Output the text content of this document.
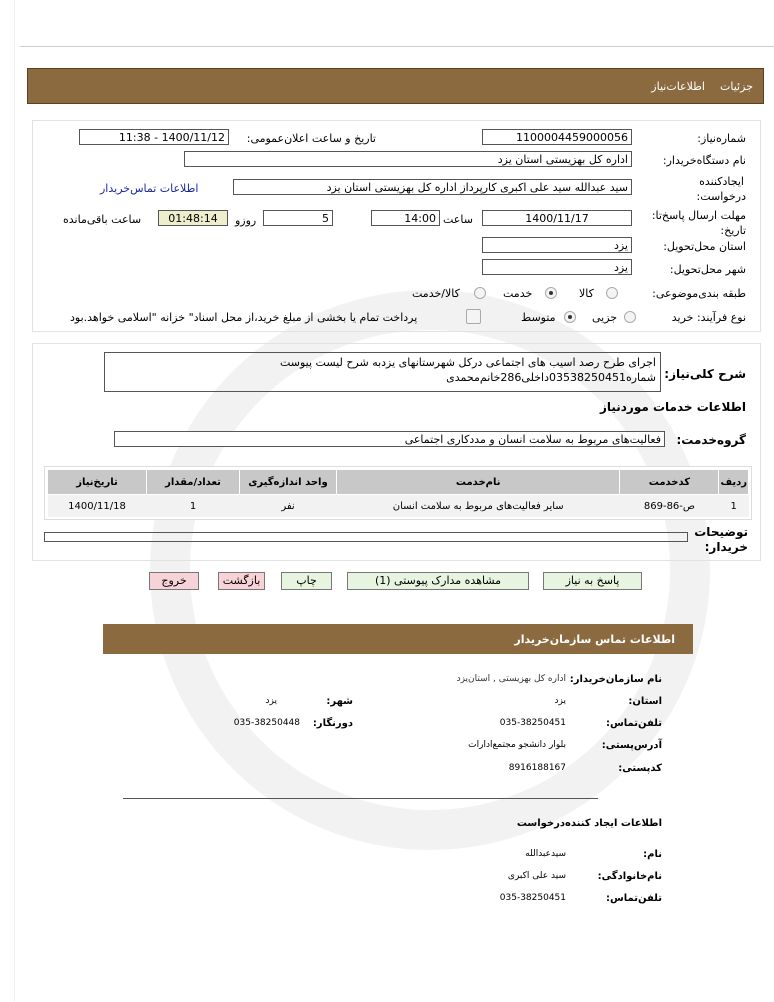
جزئیات
اطلاعات‌نیاز
شماره‌نیاز:
1100004459000056
تاریخ و ساعت اعلان‌عمومی:
1400/11/12 - 11:38
نام دستگاه‌خریدار:
اداره کل بهزیستی استان یزد
ایجادکننده
درخواست:
سید عبدالله سید علی اکبری کارپرداز اداره کل بهزیستی استان یزد
اطلاعات تماس‌خریدار
مهلت ارسال پاسخ‌تا:
تاریخ:
1400/11/17
ساعت
14:00
5
روزو
01:48:14
ساعت باقی‌مانده
استان محل‌تحویل:
یزد
شهر محل‌تحویل:
یزد
طبقه بندی‌موضوعی:
کالا
خدمت
کالا/خدمت
نوع فرآیند: خرید
جزیی
متوسط
پرداخت تمام یا بخشی از مبلغ خرید،از محل اسناد" خزانه "اسلامی خواهد.بود
شرح کلی‌نیاز:
اجرای طرح رصد اسیب های اجتماعی درکل شهرستانهای یزدبه شرح لیست پیوست
شماره03538250451داخلی286خانم‌محمدی
اطلاعات خدمات موردنیاز
گروه‌خدمت:
فعالیت‌های مربوط به سلامت انسان و مددکاری اجتماعی
ردیف	کدخدمت	نام‌خدمت	واحد اندازه‌گیری	تعداد/مقدار	تاریخ‌نیاز
1	ص-86-869	سایر فعالیت‌های مربوط به سلامت انسان	نفر	1	1400/11/18
توضیحات
خریدار:
پاسخ به نیاز
مشاهده مدارک پیوستی (1)
چاپ
بازگشت
خروج
اطلاعات تماس سازمان‌خریدار
نام سازمان‌خریدار:
اداره کل بهزیستی , استان‌یزد
استان:
یزد
شهر:
یزد
تلفن‌تماس:
035-38250451
دورنگار:
035-38250448
آدرس‌پستی:
بلوار دانشجو مجتمع‌ادارات
کدپستی:
8916188167
اطلاعات ایجاد کننده‌درخواست
نام:
سیدعبدالله
نام‌خانوادگی:
سید علی اکبری
تلفن‌تماس:
035-38250451
